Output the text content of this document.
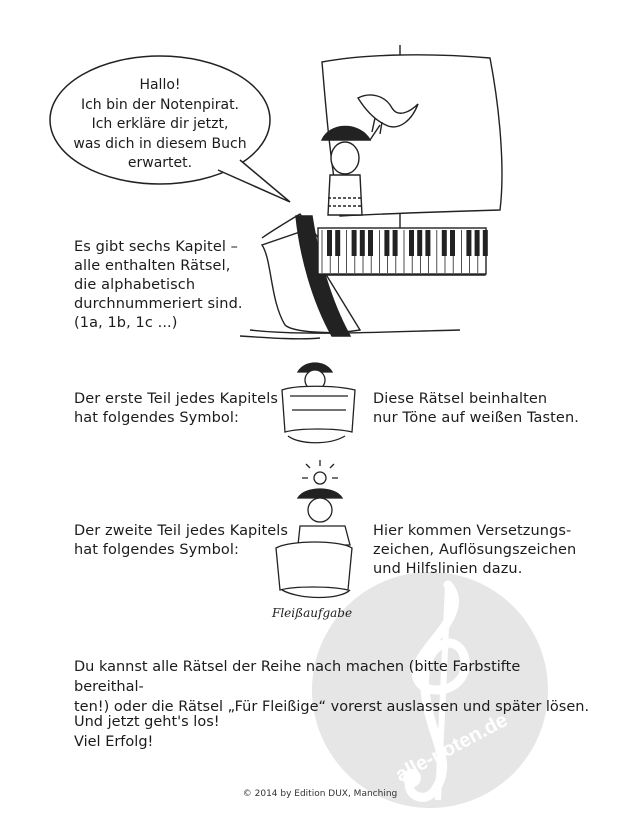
alle-noten.de
Hallo!
Ich bin der Notenpirat.
Ich erkläre dir jetzt,
was dich in diesem Buch
erwartet.
Es gibt sechs Kapitel –
alle enthalten Rätsel,
die alphabetisch
durchnummeriert sind.
(1a, 1b, 1c ...)
Der erste Teil jedes Kapitels
hat folgendes Symbol:
Diese Rätsel beinhalten
nur Töne auf weißen Tasten.
Der zweite Teil jedes Kapitels
hat folgendes Symbol:
Hier kommen Versetzungs-
zeichen, Auflösungszeichen
und Hilfslinien dazu.
Fleißaufgabe
Du kannst alle Rätsel der Reihe nach machen (bitte Farbstifte bereithal-
ten!) oder die Rätsel „Für Fleißige“ vorerst auslassen und später lösen.
Und jetzt geht's los!
Viel Erfolg!
© 2014 by Edition DUX, Manching
